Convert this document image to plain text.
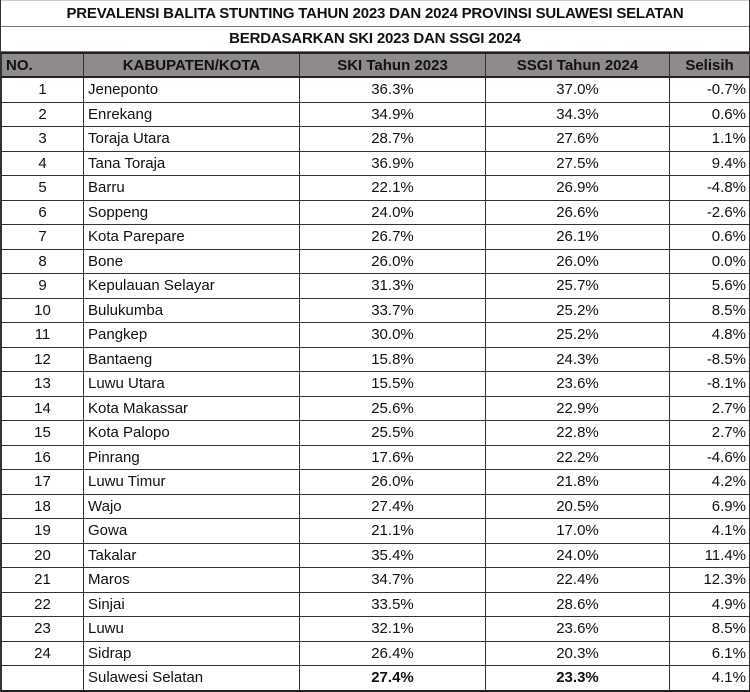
PREVALENSI BALITA STUNTING TAHUN 2023 DAN 2024 PROVINSI SULAWESI SELATAN
BERDASARKAN SKI 2023 DAN SSGI 2024
NO.	KABUPATEN/KOTA	SKI Tahun 2023	SSGI Tahun 2024	Selisih
1	Jeneponto	36.3%	37.0%	-0.7%
2	Enrekang	34.9%	34.3%	0.6%
3	Toraja Utara	28.7%	27.6%	1.1%
4	Tana Toraja	36.9%	27.5%	9.4%
5	Barru	22.1%	26.9%	-4.8%
6	Soppeng	24.0%	26.6%	-2.6%
7	Kota Parepare	26.7%	26.1%	0.6%
8	Bone	26.0%	26.0%	0.0%
9	Kepulauan Selayar	31.3%	25.7%	5.6%
10	Bulukumba	33.7%	25.2%	8.5%
11	Pangkep	30.0%	25.2%	4.8%
12	Bantaeng	15.8%	24.3%	-8.5%
13	Luwu Utara	15.5%	23.6%	-8.1%
14	Kota Makassar	25.6%	22.9%	2.7%
15	Kota Palopo	25.5%	22.8%	2.7%
16	Pinrang	17.6%	22.2%	-4.6%
17	Luwu Timur	26.0%	21.8%	4.2%
18	Wajo	27.4%	20.5%	6.9%
19	Gowa	21.1%	17.0%	4.1%
20	Takalar	35.4%	24.0%	11.4%
21	Maros	34.7%	22.4%	12.3%
22	Sinjai	33.5%	28.6%	4.9%
23	Luwu	32.1%	23.6%	8.5%
24	Sidrap	26.4%	20.3%	6.1%
	Sulawesi Selatan	27.4%	23.3%	4.1%
